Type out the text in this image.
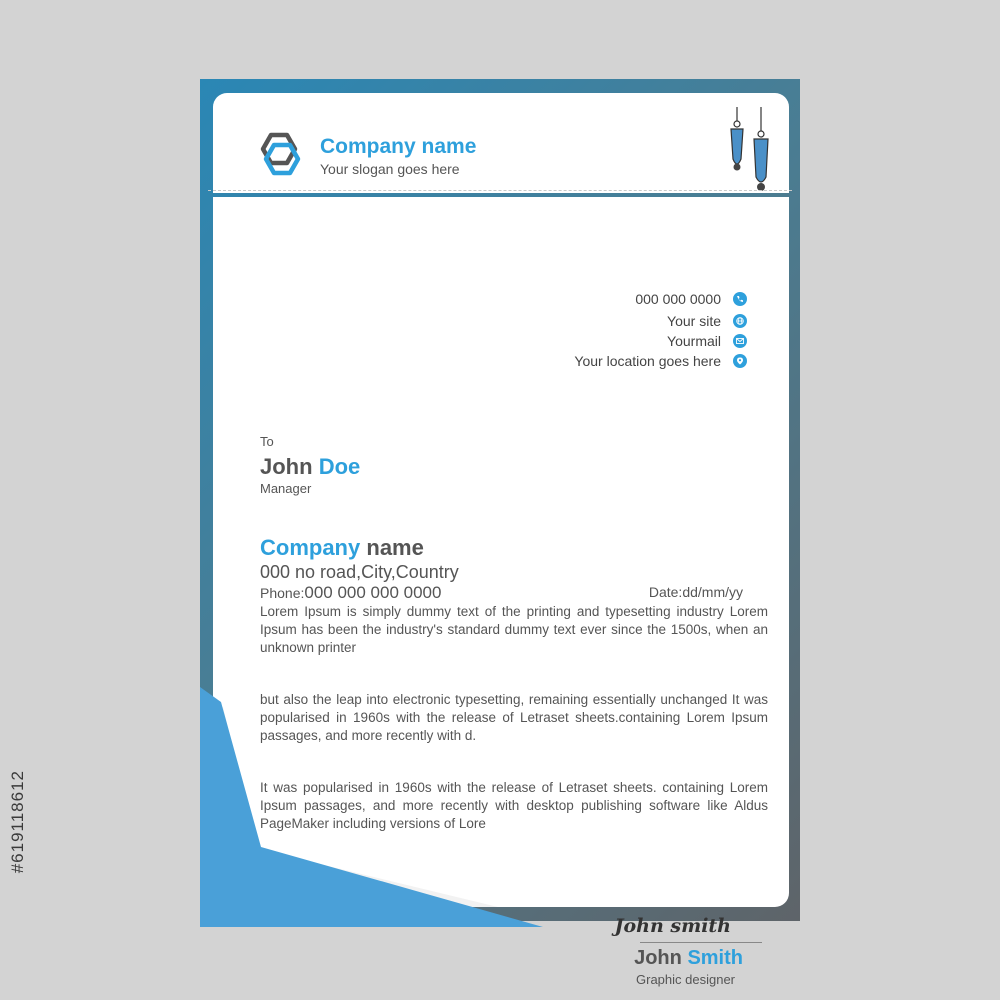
#619118612
Company name
Your slogan goes here
000 000 0000
Your site
Yourmail
Your location goes here
To
John Doe
Manager
Company name
000 no road,City,Country
Phone:000 000 000 0000	Date:dd/mm/yy

Lorem Ipsum is simply dummy text of the printing and typesetting industry Lorem Ipsum has been the industry's standard dummy text ever since the 1500s, when an unknown printer

but also the leap into electronic typesetting, remaining essentially unchanged It was popularised in 1960s with the release of Letraset sheets.containing Lorem Ipsum passages, and more recently with d.

It was popularised in 1960s with the release of Letraset sheets. containing Lorem Ipsum passages, and more recently with desktop publishing software like Aldus PageMaker including versions of Lore

John smith
John Smith
Graphic designer
